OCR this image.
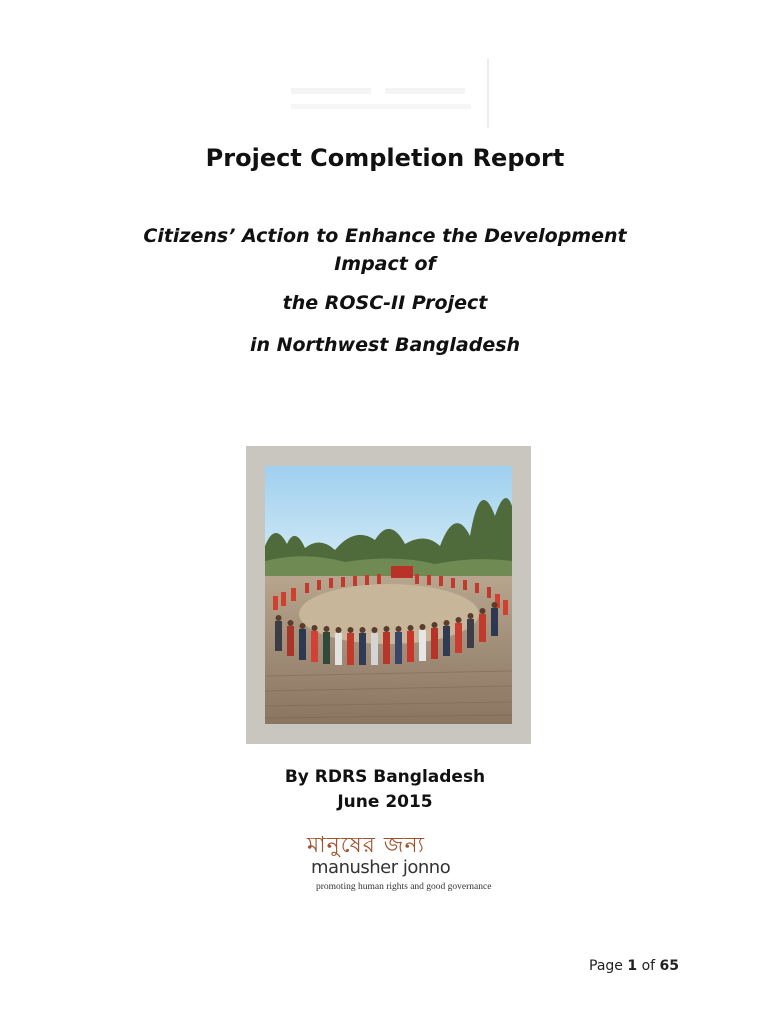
Project Completion Report
Citizens’ Action to Enhance the Development
Impact of
the ROSC-II Project
in Northwest Bangladesh
By RDRS Bangladesh
June 2015
মানুষের জন্য
manusher jonno
promoting human rights and good governance
Page 1 of 65
